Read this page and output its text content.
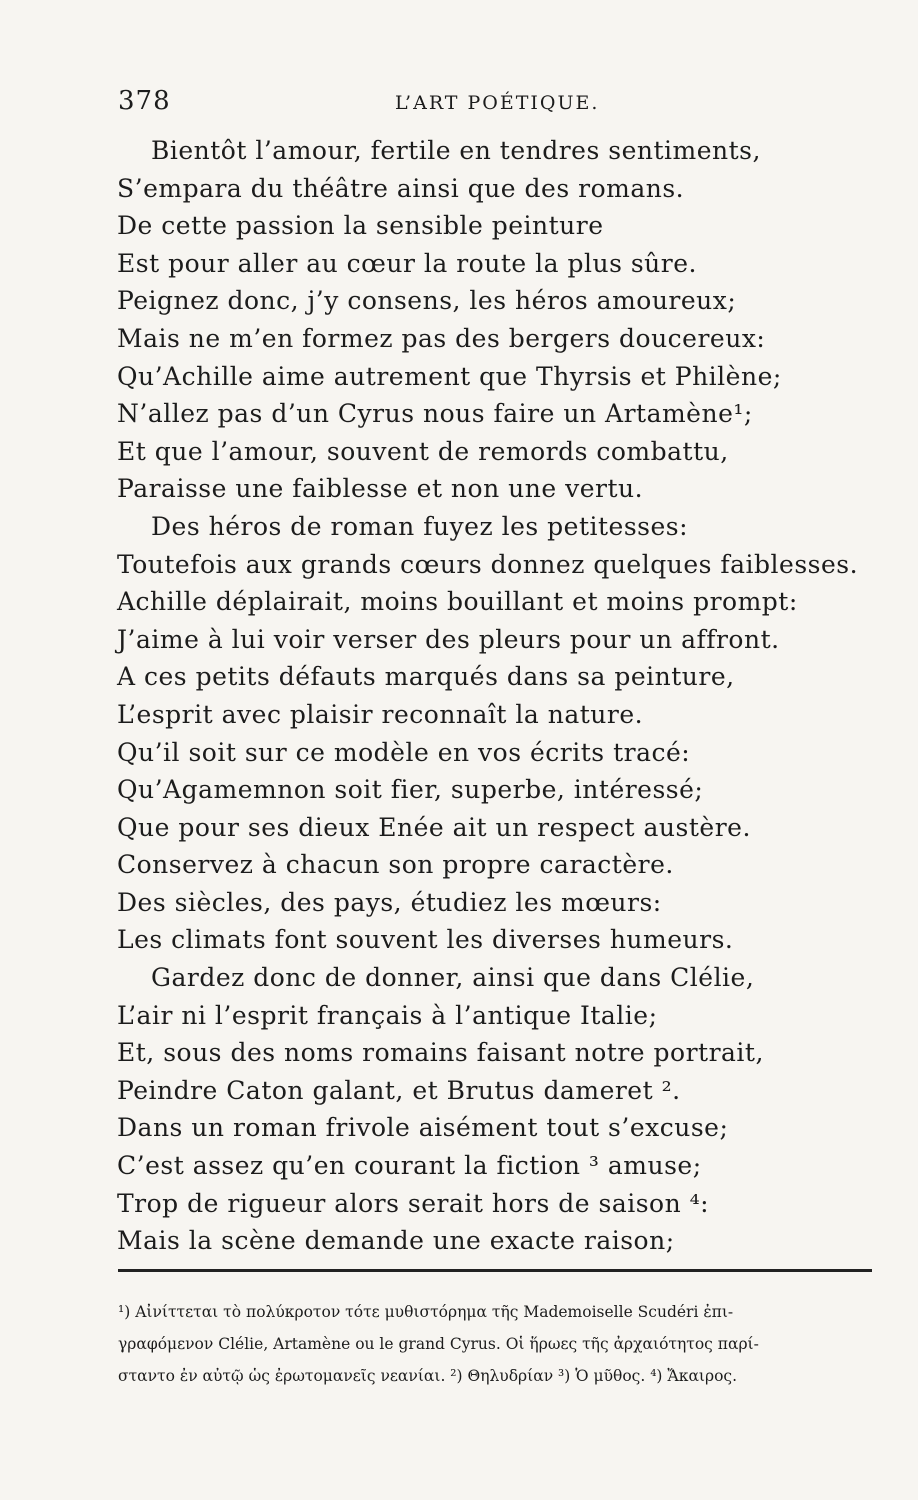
378	L’ART POÉTIQUE.
Bientôt l’amour, fertile en tendres sentiments,
S’empara du théâtre ainsi que des romans.
De cette passion la sensible peinture
Est pour aller au cœur la route la plus sûre.
Peignez donc, j’y consens, les héros amoureux;
Mais ne m’en formez pas des bergers doucereux:
Qu’Achille aime autrement que Thyrsis et Philène;
N’allez pas d’un Cyrus nous faire un Artamène¹;
Et que l’amour, souvent de remords combattu,
Paraisse une faiblesse et non une vertu.
Des héros de roman fuyez les petitesses:
Toutefois aux grands cœurs donnez quelques faiblesses.
Achille déplairait, moins bouillant et moins prompt:
J’aime à lui voir verser des pleurs pour un affront.
A ces petits défauts marqués dans sa peinture,
L’esprit avec plaisir reconnaît la nature.
Qu’il soit sur ce modèle en vos écrits tracé:
Qu’Agamemnon soit fier, superbe, intéressé;
Que pour ses dieux Enée ait un respect austère.
Conservez à chacun son propre caractère.
Des siècles, des pays, étudiez les mœurs:
Les climats font souvent les diverses humeurs.
Gardez donc de donner, ainsi que dans Clélie,
L’air ni l’esprit français à l’antique Italie;
Et, sous des noms romains faisant notre portrait,
Peindre Caton galant, et Brutus dameret ².
Dans un roman frivole aisément tout s’excuse;
C’est assez qu’en courant la fiction ³ amuse;
Trop de rigueur alors serait hors de saison ⁴:
Mais la scène demande une exacte raison;

¹) Αἰνίττεται τὸ πολύκροτον τότε μυθιστόρημα τῆς Mademoiselle Scudéri ἐπι-

γραφόμενον Clélie, Artamène ou le grand Cyrus. Οἱ ἥρωες τῆς ἀρχαιότητος παρί-

σταντο ἐν αὐτῷ ὡς ἐρωτομανεῖς νεανίαι. ²) Θηλυδρίαν ³) Ὁ μῦθος. ⁴) Ἄκαιρος.
